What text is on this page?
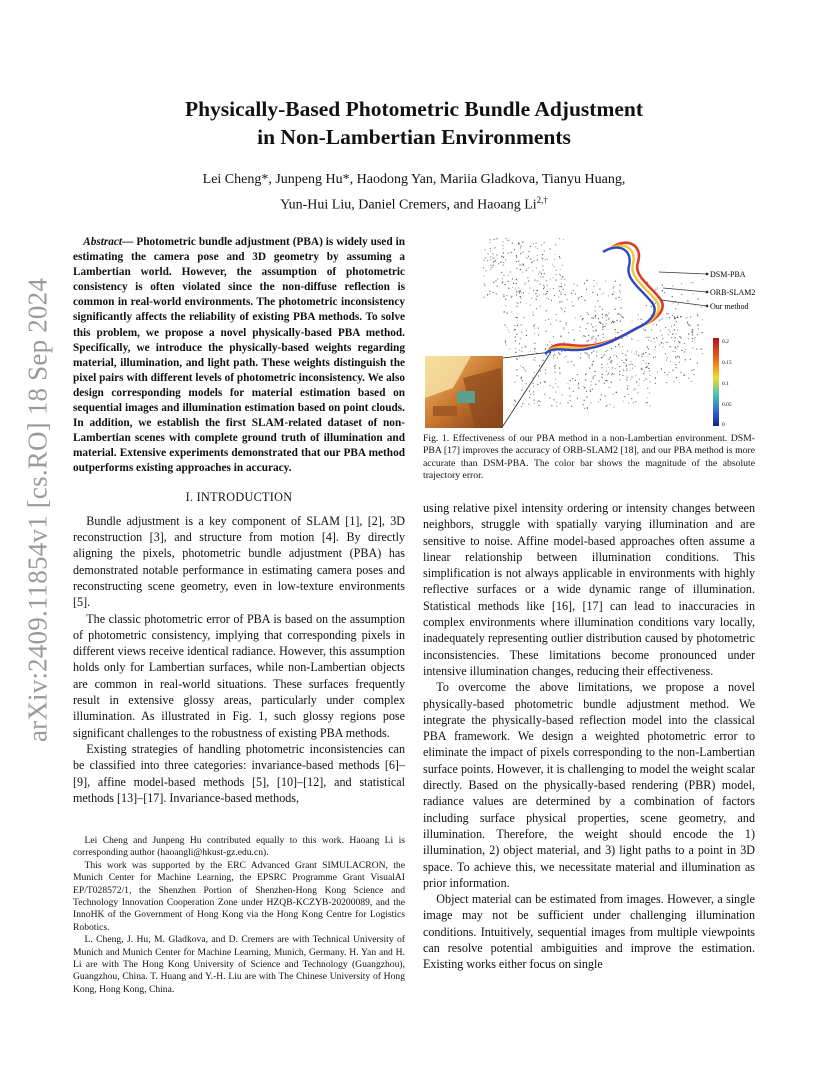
arXiv:2409.11854v1 [cs.RO] 18 Sep 2024
Physically-Based Photometric Bundle Adjustment
in Non-Lambertian Environments
Lei Cheng*, Junpeng Hu*, Haodong Yan, Mariia Gladkova, Tianyu Huang,
Yun-Hui Liu, Daniel Cremers, and Haoang $Li^{2,\dagger}$

Abstract— Photometric bundle adjustment (PBA) is widely used in estimating the camera pose and 3D geometry by assuming a Lambertian world. However, the assumption of photometric consistency is often violated since the non-diffuse reflection is common in real-world environments. The photometric inconsistency significantly affects the reliability of existing PBA methods. To solve this problem, we propose a novel physically-based PBA method. Specifically, we introduce the physically-based weights regarding material, illumination, and light path. These weights distinguish the pixel pairs with different levels of photometric inconsistency. We also design corresponding models for material estimation based on sequential images and illumination estimation based on point clouds. In addition, we establish the first SLAM-related dataset of non-Lambertian scenes with complete ground truth of illumination and material. Extensive experiments demonstrated that our PBA method outperforms existing approaches in accuracy.

I. INTRODUCTION

Bundle adjustment is a key component of SLAM [1], [2], 3D reconstruction [3], and structure from motion [4]. By directly aligning the pixels, photometric bundle adjustment (PBA) has demonstrated notable performance in estimating camera poses and reconstructing scene geometry, even in low-texture environments [5].

The classic photometric error of PBA is based on the assumption of photometric consistency, implying that corresponding pixels in different views receive identical radiance. However, this assumption holds only for Lambertian surfaces, while non-Lambertian objects are common in real-world situations. These surfaces frequently result in extensive glossy areas, particularly under complex illumination. As illustrated in Fig. 1, such glossy regions pose significant challenges to the robustness of existing PBA methods.

Existing strategies of handling photometric inconsistencies can be classified into three categories: invariance-based methods [6]–[9], affine model-based methods [5], [10]–[12], and statistical methods [13]–[17]. Invariance-based methods,

Lei Cheng and Junpeng Hu contributed equally to this work. Haoang Li is corresponding author (haoangli@hkust-gz.edu.cn).

This work was supported by the ERC Advanced Grant SIMULACRON, the Munich Center for Machine Learning, the EPSRC Programme Grant VisualAI EP/T028572/1, the Shenzhen Portion of Shenzhen-Hong Kong Science and Technology Innovation Cooperation Zone under HZQB-KCZYB-20200089, and the InnoHK of the Government of Hong Kong via the Hong Kong Centre for Logistics Robotics.

L. Cheng, J. Hu, M. Gladkova, and D. Cremers are with Technical University of Munich and Munich Center for Machine Learning, Munich, Germany. H. Yan and H. Li are with The Hong Kong University of Science and Technology (Guangzhou), Guangzhou, China. T. Huang and Y.-H. Liu are with The Chinese University of Hong Kong, Hong Kong, China.

DSM-PBA
ORB-SLAM2
Our method
0.2
0.15
0.1
0.05
0
Fig. 1. Effectiveness of our PBA method in a non-Lambertian environment. DSM-PBA [17] improves the accuracy of ORB-SLAM2 [18], and our PBA method is more accurate than DSM-PBA. The color bar shows the magnitude of the absolute trajectory error.

using relative pixel intensity ordering or intensity changes between neighbors, struggle with spatially varying illumination and are sensitive to noise. Affine model-based approaches often assume a linear relationship between illumination conditions. This simplification is not always applicable in environments with highly reflective surfaces or a wide dynamic range of illumination. Statistical methods like [16], [17] can lead to inaccuracies in complex environments where illumination conditions vary locally, inadequately representing outlier distribution caused by photometric inconsistencies. These limitations become pronounced under intensive illumination changes, reducing their effectiveness.

To overcome the above limitations, we propose a novel physically-based photometric bundle adjustment method. We integrate the physically-based reflection model into the classical PBA framework. We design a weighted photometric error to eliminate the impact of pixels corresponding to the non-Lambertian surface points. However, it is challenging to model the weight scalar directly. Based on the physically-based rendering (PBR) model, radiance values are determined by a combination of factors including surface physical properties, scene geometry, and illumination. Therefore, the weight should encode the 1) illumination, 2) object material, and 3) light paths to a point in 3D space. To achieve this, we necessitate material and illumination as prior information.

Object material can be estimated from images. However, a single image may not be sufficient under challenging illumination conditions. Intuitively, sequential images from multiple viewpoints can resolve potential ambiguities and improve the estimation. Existing works either focus on single
